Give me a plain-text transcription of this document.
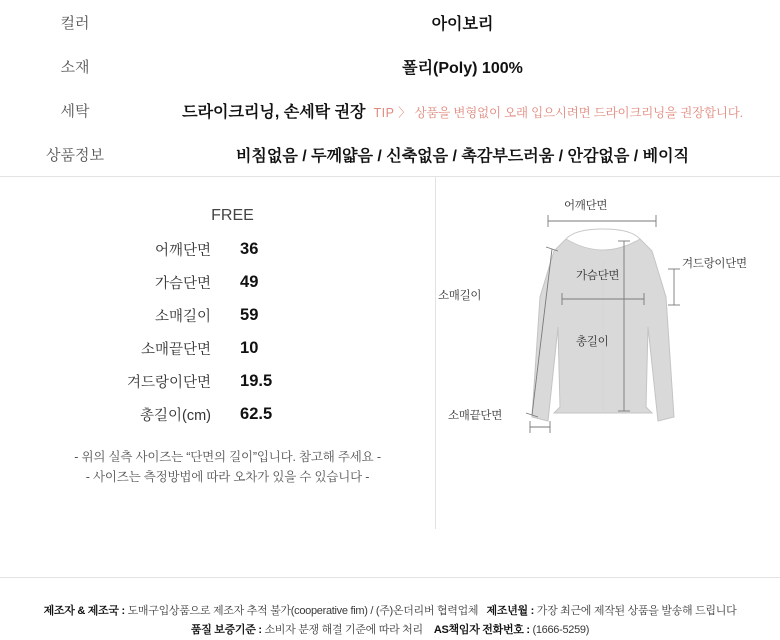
컬러	아이보리
소재	폴리(Poly) 100%
세탁	드라이크리닝, 손세탁 권장 TIP 〉 상품을 변형없이 오래 입으시려면 드라이크리닝을 권장합니다.
상품정보	비침없음 / 두께얇음 / 신축없음 / 촉감부드러움 / 안감없음 / 베이직
FREE
어깨단면	36
가슴단면	49
소매길이	59
소매끝단면	10
겨드랑이단면	19.5
총길이(cm)	62.5
- 위의 실측 사이즈는 “단면의 길이”입니다. 참고해 주세요 -
- 사이즈는 측정방법에 따라 오차가 있을 수 있습니다 -
어깨단면
소매길이
겨드랑이단면
가슴단면
총길이
소매끝단면
제조자 & 제조국 : 도매구입상품으로 제조자 추적 불가(cooperative fim) / (주)온더리버 협력업체 제조년월 : 가장 최근에 제작된 상품을 발송해 드립니다
품질 보증기준 : 소비자 분쟁 해결 기준에 따라 처리 AS책임자 전화번호 : (1666-5259)
